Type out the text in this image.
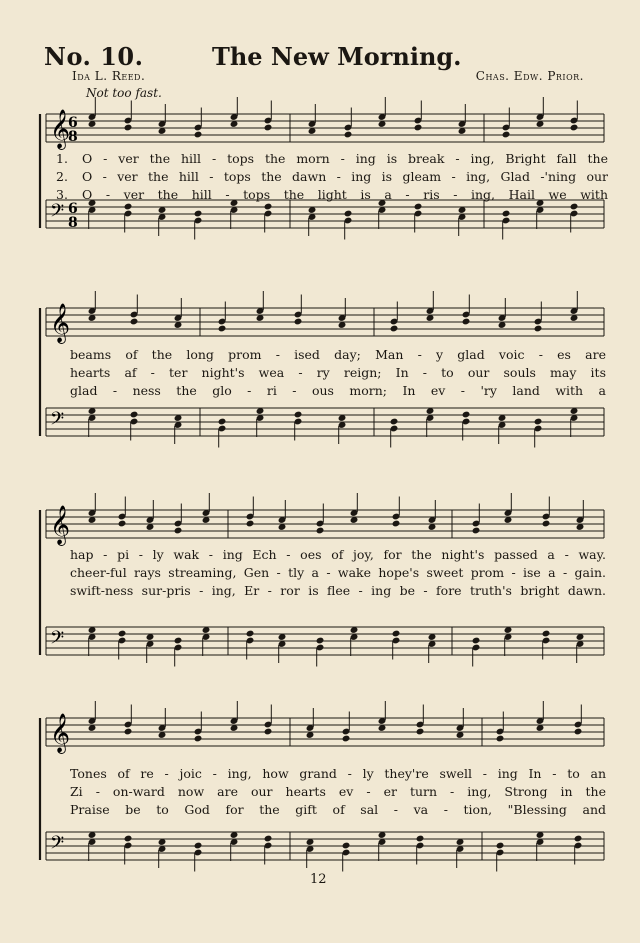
No. 10.	The New Morning.
Ida L. Reed.	Chas. Edw. Prior.
Not too fast.
𝄞
6
8
𝄢 6
8
1.	O - ver the hill - tops the morn - ing is break - ing, Bright fall the
2.	O - ver the hill - tops the dawn - ing is gleam - ing, Glad -'ning our
3.	O - ver the hill - tops the light is a - ris - ing, Hail we with
𝄞
𝄢
beams of the long prom - ised day; Man - y glad voic - es are
hearts af - ter night's wea - ry reign; In - to our souls may its
glad - ness the glo - ri - ous morn; In ev - 'ry land with a
𝄞
𝄢
hap - pi - ly wak - ing Ech - oes of joy, for the night's passed a - way.
cheer-ful rays streaming, Gen - tly a - wake hope's sweet prom - ise a - gain.
swift-ness sur-pris - ing, Er - ror is flee - ing be - fore truth's bright dawn.
𝄞
𝄢
Tones of re - joic - ing, how grand - ly they're swell - ing In - to an
Zi - on-ward now are our hearts ev - er turn - ing, Strong in the
Praise be to God for the gift of sal - va - tion, "Blessing and
12
